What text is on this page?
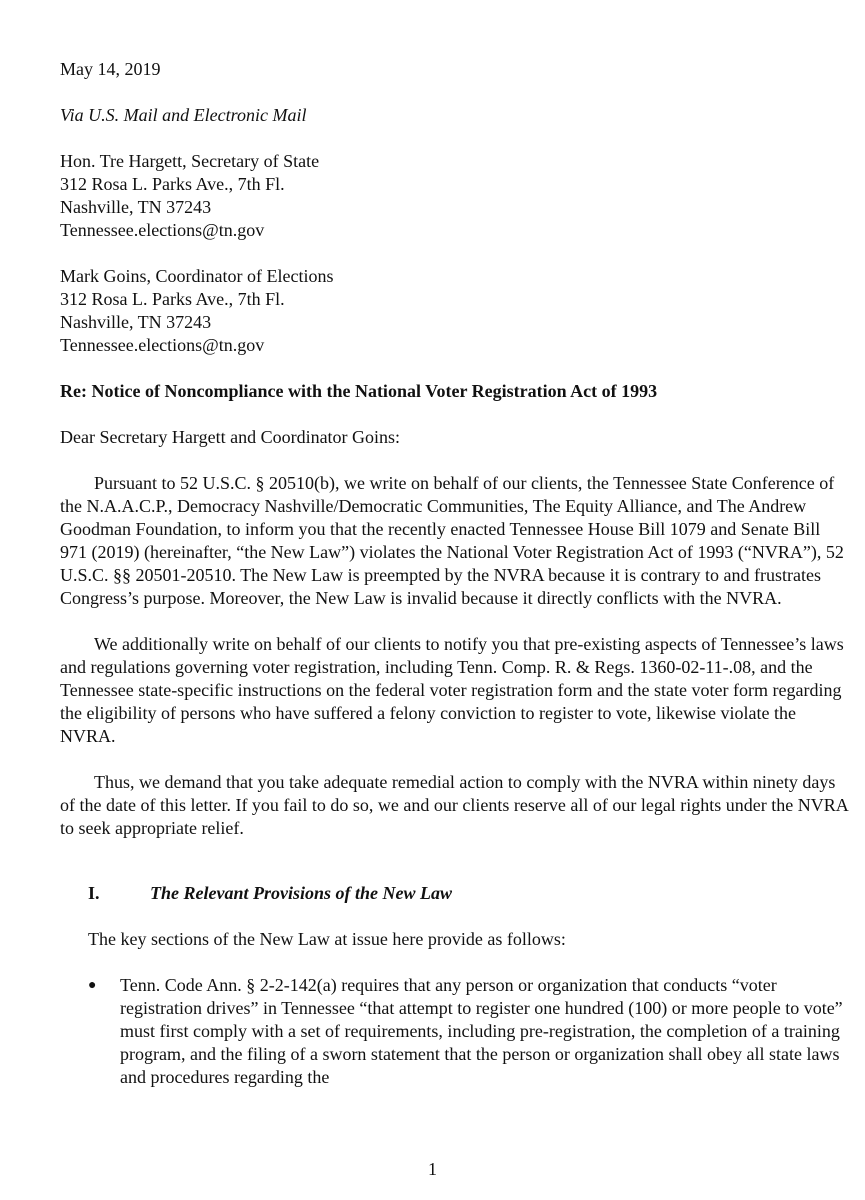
May 14, 2019
Via U.S. Mail and Electronic Mail
Hon. Tre Hargett, Secretary of State
312 Rosa L. Parks Ave., 7th Fl.
Nashville, TN 37243
Tennessee.elections@tn.gov
Mark Goins, Coordinator of Elections
312 Rosa L. Parks Ave., 7th Fl.
Nashville, TN 37243
Tennessee.elections@tn.gov
Re: Notice of Noncompliance with the National Voter Registration Act of 1993
Dear Secretary Hargett and Coordinator Goins:

Pursuant to 52 U.S.C. § 20510(b), we write on behalf of our clients, the Tennessee State Conference of the N.A.A.C.P., Democracy Nashville/Democratic Communities, The Equity Alliance, and The Andrew Goodman Foundation, to inform you that the recently enacted Tennessee House Bill 1079 and Senate Bill 971 (2019) (hereinafter, “the New Law”) violates the National Voter Registration Act of 1993 (“NVRA”), 52 U.S.C. §§ 20501-20510. The New Law is preempted by the NVRA because it is contrary to and frustrates Congress’s purpose. Moreover, the New Law is invalid because it directly conflicts with the NVRA.

We additionally write on behalf of our clients to notify you that pre-existing aspects of Tennessee’s laws and regulations governing voter registration, including Tenn. Comp. R. & Regs. 1360-02-11-.08, and the Tennessee state-specific instructions on the federal voter registration form and the state voter form regarding the eligibility of persons who have suffered a felony conviction to register to vote, likewise violate the NVRA.

Thus, we demand that you take adequate remedial action to comply with the NVRA within ninety days of the date of this letter. If you fail to do so, we and our clients reserve all of our legal rights under the NVRA to seek appropriate relief.

I.	The Relevant Provisions of the New Law
The key sections of the New Law at issue here provide as follows:
●	Tenn. Code Ann. § 2-2-142(a) requires that any person or organization that conducts “voter registration drives” in Tennessee “that attempt to register one hundred (100) or more people to vote” must first comply with a set of requirements, including pre-registration, the completion of a training program, and the filing of a sworn statement that the person or organization shall obey all state laws and procedures regarding the
1
